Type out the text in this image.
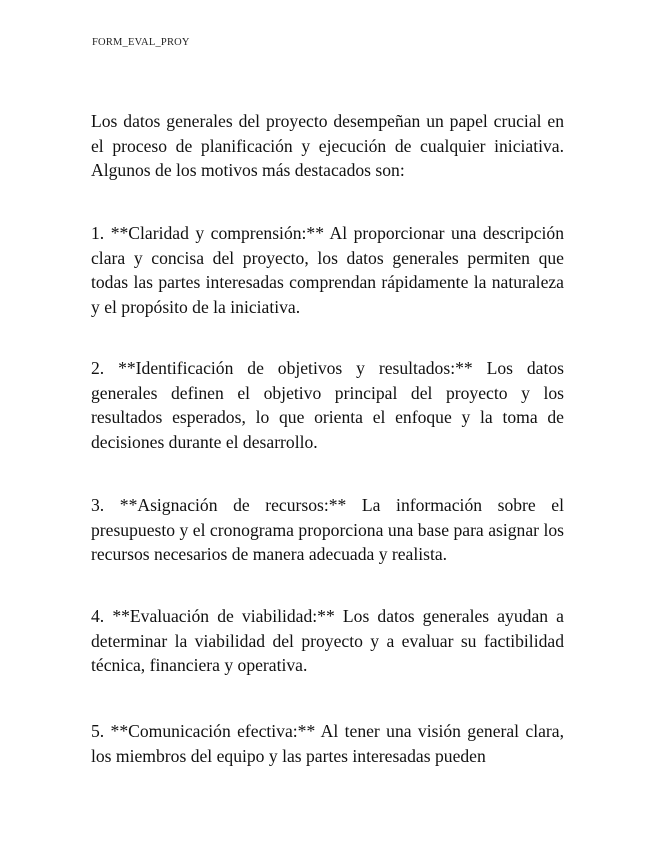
FORM_EVAL_PROY

Los datos generales del proyecto desempeñan un papel crucial en el proceso de planificación y ejecución de cualquier iniciativa. Algunos de los motivos más destacados son:

1. **Claridad y comprensión:** Al proporcionar una descripción clara y concisa del proyecto, los datos generales permiten que todas las partes interesadas comprendan rápidamente la naturaleza y el propósito de la iniciativa.

2. **Identificación de objetivos y resultados:** Los datos generales definen el objetivo principal del proyecto y los resultados esperados, lo que orienta el enfoque y la toma de decisiones durante el desarrollo.

3. **Asignación de recursos:** La información sobre el presupuesto y el cronograma proporciona una base para asignar los recursos necesarios de manera adecuada y realista.

4. **Evaluación de viabilidad:** Los datos generales ayudan a determinar la viabilidad del proyecto y a evaluar su factibilidad técnica, financiera y operativa.

5. **Comunicación efectiva:** Al tener una visión general clara, los miembros del equipo y las partes interesadas pueden
